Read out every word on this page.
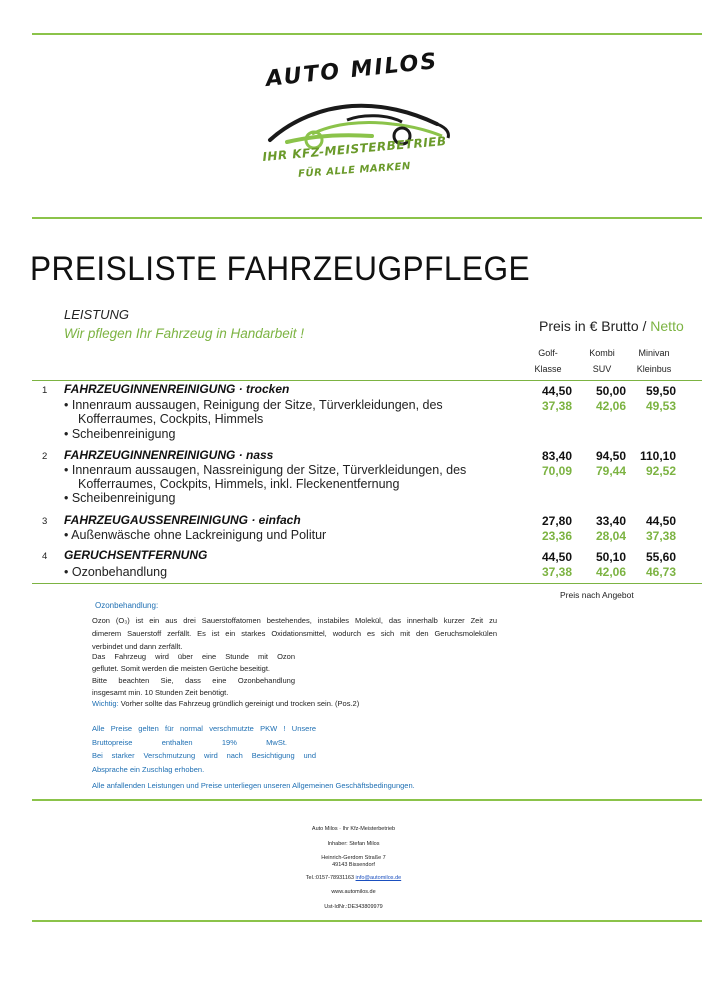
AUTO MILOS
IHR KFZ-MEISTERBETRIEB
FÜR ALLE MARKEN
PREISLISTE FAHRZEUGPFLEGE
LEISTUNG
Wir pflegen Ihr Fahrzeug in Handarbeit !	Preis in € Brutto / Netto
Golf-
Klasse
Kombi
SUV
Minivan
Kleinbus
1 FAHRZEUGINNENREINIGUNG · trocken
• Innenraum aussaugen, Reinigung der Sitze, Türverkleidungen, des
Kofferraumes, Cockpits, Himmels
• Scheibenreinigung
44,50	50,00	59,50
37,38	42,06	49,53
2 FAHRZEUGINNENREINIGUNG · nass
• Innenraum aussaugen, Nassreinigung der Sitze, Türverkleidungen, des
Kofferraumes, Cockpits, Himmels, inkl. Fleckenentfernung
• Scheibenreinigung
83,40	94,50	110,10
70,09	79,44	92,52
3 FAHRZEUGAUSSENREINIGUNG · einfach
• Außenwäsche ohne Lackreinigung und Politur
27,80	33,40	44,50
23,36	28,04	37,38
4 GERUCHSENTFERNUNG
• Ozonbehandlung
44,50	50,10	55,60
37,38	42,06	46,73
Preis nach Angebot
Ozonbehandlung:
Ozon (O₃) ist ein aus drei Sauerstoffatomen bestehendes, instabiles Molekül, das innerhalb kurzer Zeit zu
dimerem Sauerstoff zerfällt. Es ist ein starkes Oxidationsmittel, wodurch es sich mit den Geruchsmolekülen
verbindet und dann zerfällt.
Das Fahrzeug wird über eine Stunde mit Ozon
geflutet. Somit werden die meisten Gerüche beseitigt.
Bitte beachten Sie, dass eine Ozonbehandlung
insgesamt min. 10 Stunden Zeit benötigt.
Wichtig: Vorher sollte das Fahrzeug gründlich gereinigt und trocken sein. (Pos.2)
Alle Preise gelten für normal verschmutzte PKW ! Unsere
Bruttopreise enthalten 19% MwSt.
Bei starker Verschmutzung wird nach Besichtigung und
Absprache ein Zuschlag erhoben.
Alle anfallenden Leistungen und Preise unterliegen unseren Allgemeinen Geschäftsbedingungen.
Auto Milos · Ihr Kfz-Meisterbetrieb
Inhaber: Stefan Milos
Heinrich-Gerdom Straße 7
49143 Bissendorf
Tel.:0157-78931163 info@automilos.de
www.automilos.de
Ust-IdNr.:DE343809979
